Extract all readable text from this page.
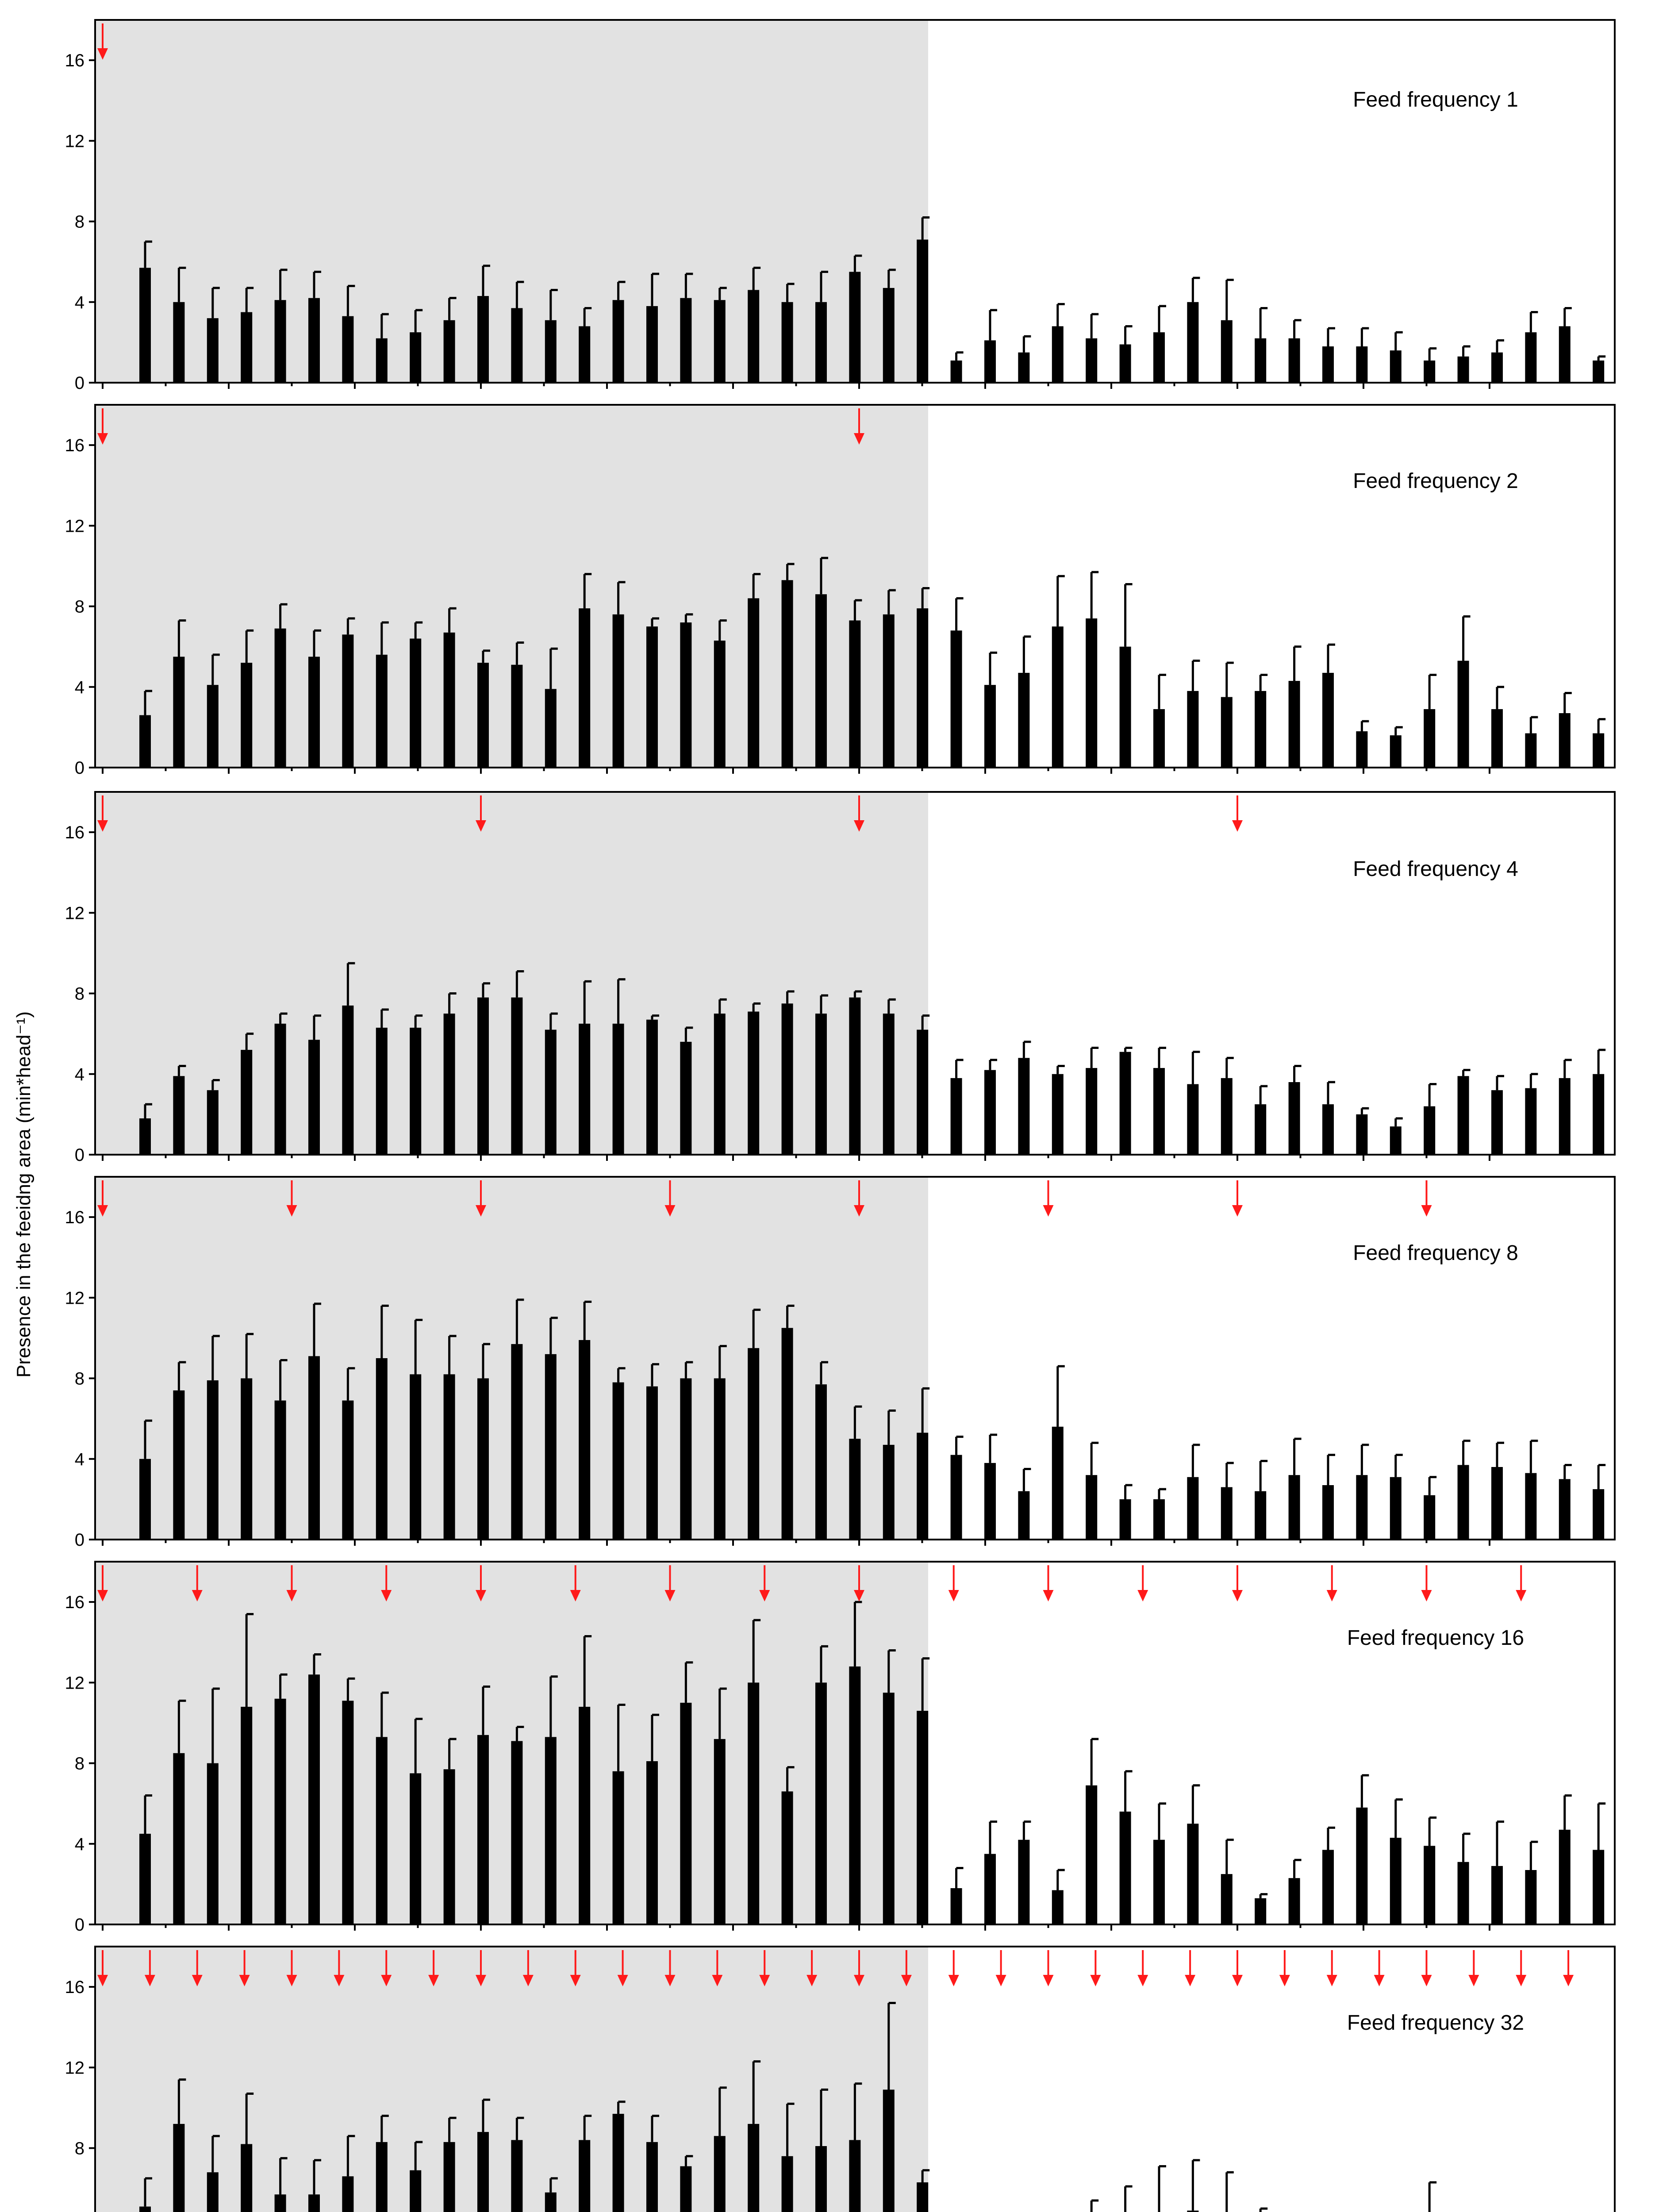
0
4
8
12
16
Feed frequency 1
0
4
8
12
16
Feed frequency 2
0
4
8
12
16
Feed frequency 4
0
4
8
12
16
Feed frequency 8
0
4
8
12
16
Feed frequency 16
8
12
16
Feed frequency 32
Presence in the feeidng area (min*head⁻¹)
